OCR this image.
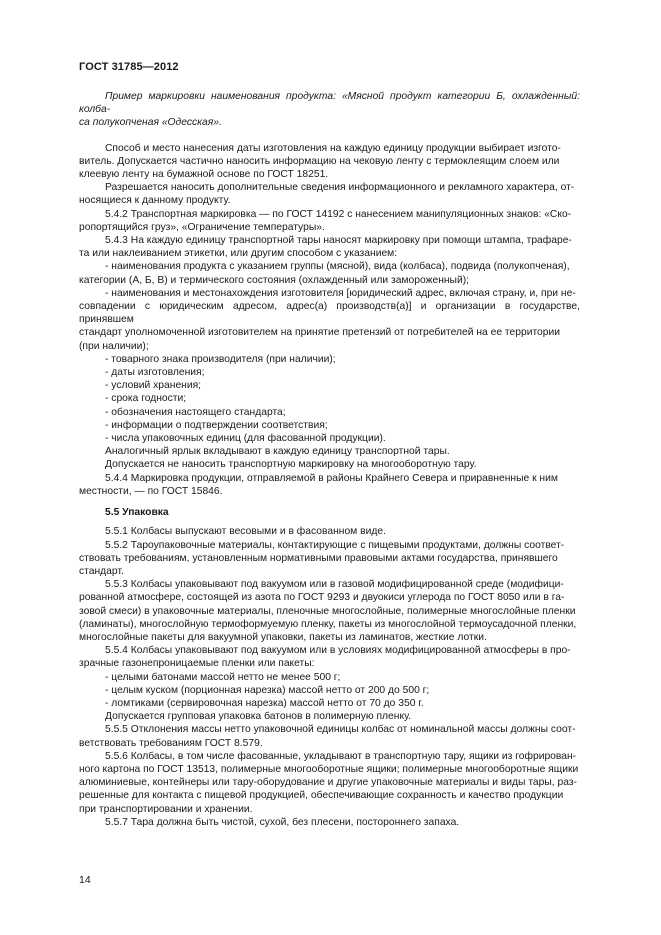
ГОСТ 31785—2012

Пример маркировки наименования продукта: «Мясной продукт категории Б, охлажденный: колба-

са полукопченая «Одесская».

Способ и место нанесения даты изготовления на каждую единицу продукции выбирает изгото-

витель. Допускается частично наносить информацию на чековую ленту с термоклеящим слоем или

клеевую ленту на бумажной основе по ГОСТ 18251.

Разрешается наносить дополнительные сведения информационного и рекламного характера, от-

носящиеся к данному продукту.

5.4.2 Транспортная маркировка — по ГОСТ 14192 с нанесением манипуляционных знаков: «Ско-

ропортящийся груз», «Ограничение температуры».

5.4.3 На каждую единицу транспортной тары наносят маркировку при помощи штампа, трафаре-

та или наклеиванием этикетки, или другим способом с указанием:

- наименования продукта с указанием группы (мясной), вида (колбаса), подвида (полукопченая),

категории (А, Б, В) и термического состояния (охлажденный или замороженный);

- наименования и местонахождения изготовителя [юридический адрес, включая страну, и, при не-

совпадении с юридическим адресом, адрес(а) производств(а)] и организации в государстве, принявшем

стандарт уполномоченной изготовителем на принятие претензий от потребителей на ее территории

(при наличии);

- товарного знака производителя (при наличии);

- даты изготовления;

- условий хранения;

- срока годности;

- обозначения настоящего стандарта;

- информации о подтверждении соответствия;

- числа упаковочных единиц (для фасованной продукции).

Аналогичный ярлык вкладывают в каждую единицу транспортной тары.

Допускается не наносить транспортную маркировку на многооборотную тару.

5.4.4 Маркировка продукции, отправляемой в районы Крайнего Севера и приравненные к ним

местности, — по ГОСТ 15846.

5.5 Упаковка

5.5.1 Колбасы выпускают весовыми и в фасованном виде.

5.5.2 Тароупаковочные материалы, контактирующие с пищевыми продуктами, должны соответ-

ствовать требованиям, установленным нормативными правовыми актами государства, принявшего

стандарт.

5.5.3 Колбасы упаковывают под вакуумом или в газовой модифицированной среде (модифици-

рованной атмосфере, состоящей из азота по ГОСТ 9293 и двуокиси углерода по ГОСТ 8050 или в га-

зовой смеси) в упаковочные материалы, пленочные многослойные, полимерные многослойные пленки

(ламинаты), многослойную термоформуемую пленку, пакеты из многослойной термоусадочной пленки,

многослойные пакеты для вакуумной упаковки, пакеты из ламинатов, жесткие лотки.

5.5.4 Колбасы упаковывают под вакуумом или в условиях модифицированной атмосферы в про-

зрачные газонепроницаемые пленки или пакеты:

- целыми батонами массой нетто не менее 500 г;

- целым куском (порционная нарезка) массой нетто от 200 до 500 г;

- ломтиками (сервировочная нарезка) массой нетто от 70 до 350 г.

Допускается групповая упаковка батонов в полимерную пленку.

5.5.5 Отклонения массы нетто упаковочной единицы колбас от номинальной массы должны соот-

ветствовать требованиям ГОСТ 8.579.

5.5.6 Колбасы, в том числе фасованные, укладывают в транспортную тару, ящики из гофрирован-

ного картона по ГОСТ 13513, полимерные многооборотные ящики; полимерные многооборотные ящики

алюминиевые, контейнеры или тару-оборудование и другие упаковочные материалы и виды тары, раз-

решенные для контакта с пищевой продукцией, обеспечивающие сохранность и качество продукции

при транспортировании и хранении.

5.5.7 Тара должна быть чистой, сухой, без плесени, постороннего запаха.

14
